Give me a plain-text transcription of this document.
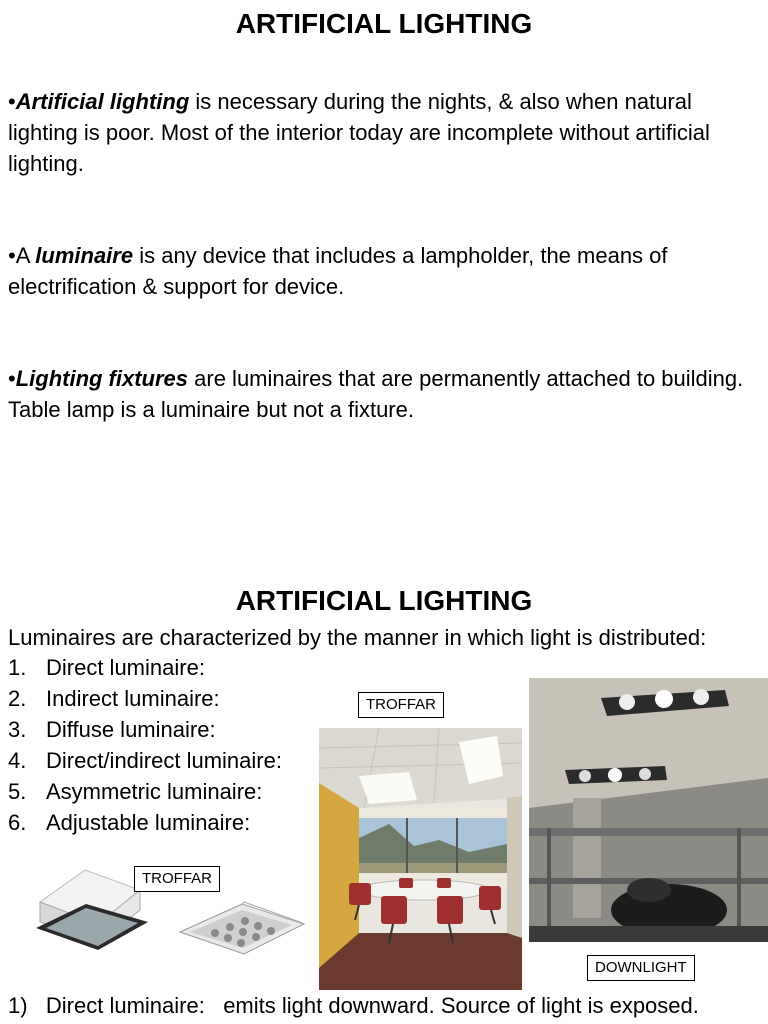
ARTIFICIAL LIGHTING
•Artificial lighting is necessary during the nights, & also when natural lighting is poor. Most of the interior today are incomplete without artificial lighting.
•A luminaire is any device that includes a lampholder, the means of electrification & support for device.
•Lighting fixtures are luminaires that are permanently attached to building. Table lamp is a luminaire but not a fixture.
ARTIFICIAL LIGHTING
Luminaires are characterized by the manner in which light is distributed:
1. Direct luminaire:
2. Indirect luminaire:
3. Diffuse luminaire:
4. Direct/indirect luminaire:
5. Asymmetric luminaire:
6. Adjustable luminaire:
TROFFAR
TROFFAR
DOWNLIGHT
1) Direct luminaire: emits light downward. Source of light is exposed.
